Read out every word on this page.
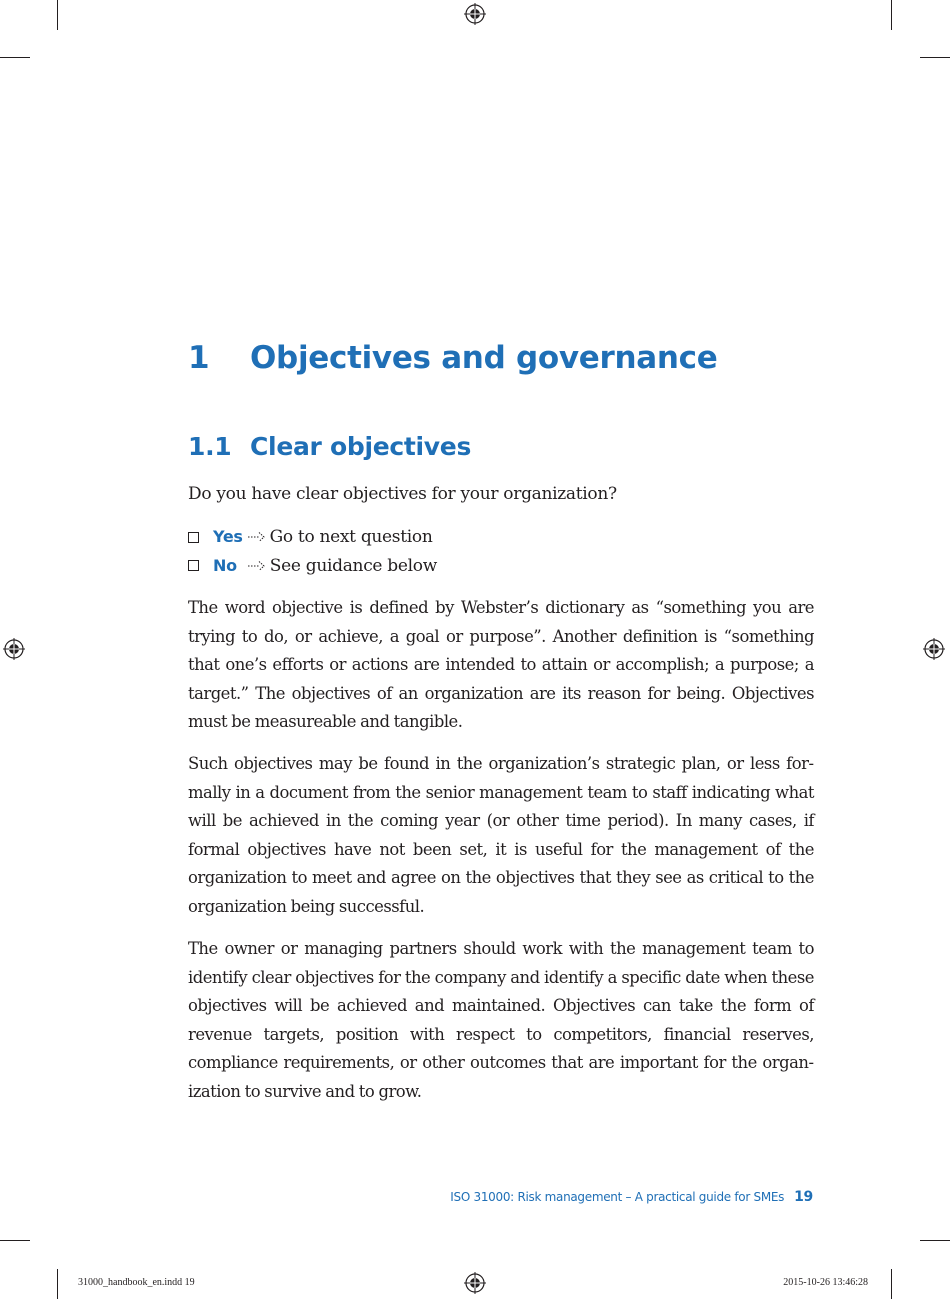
1 Objectives and governance
1.1 Clear objectives
Do you have clear objectives for your organization?
Yes Go to next question
No See guidance below

The word objective is defined by Webster’s dictionary as “something you are trying to do, or achieve, a goal or purpose”. Another definition is “something that one’s efforts or actions are intended to attain or accomplish; a purpose; a target.” The objectives of an organization are its reason for being. Objectives must be measureable and tangible.

Such objectives may be found in the organization’s strategic plan, or less formally in a document from the senior management team to staff indicating what will be achieved in the coming year (or other time period). In many cases, if formal objectives have not been set, it is useful for the management of the organization to meet and agree on the objectives that they see as critical to the organization being successful.

The owner or managing partners should work with the management team to identify clear objectives for the company and identify a specific date when these objectives will be achieved and maintained. Objectives can take the form of revenue targets, position with respect to competitors, financial reserves, compliance requirements, or other outcomes that are important for the organization to survive and to grow.

ISO 31000: Risk management – A practical guide for SMEs 19
31000_handbook_en.indd 19	2015-10-26 13:46:28
